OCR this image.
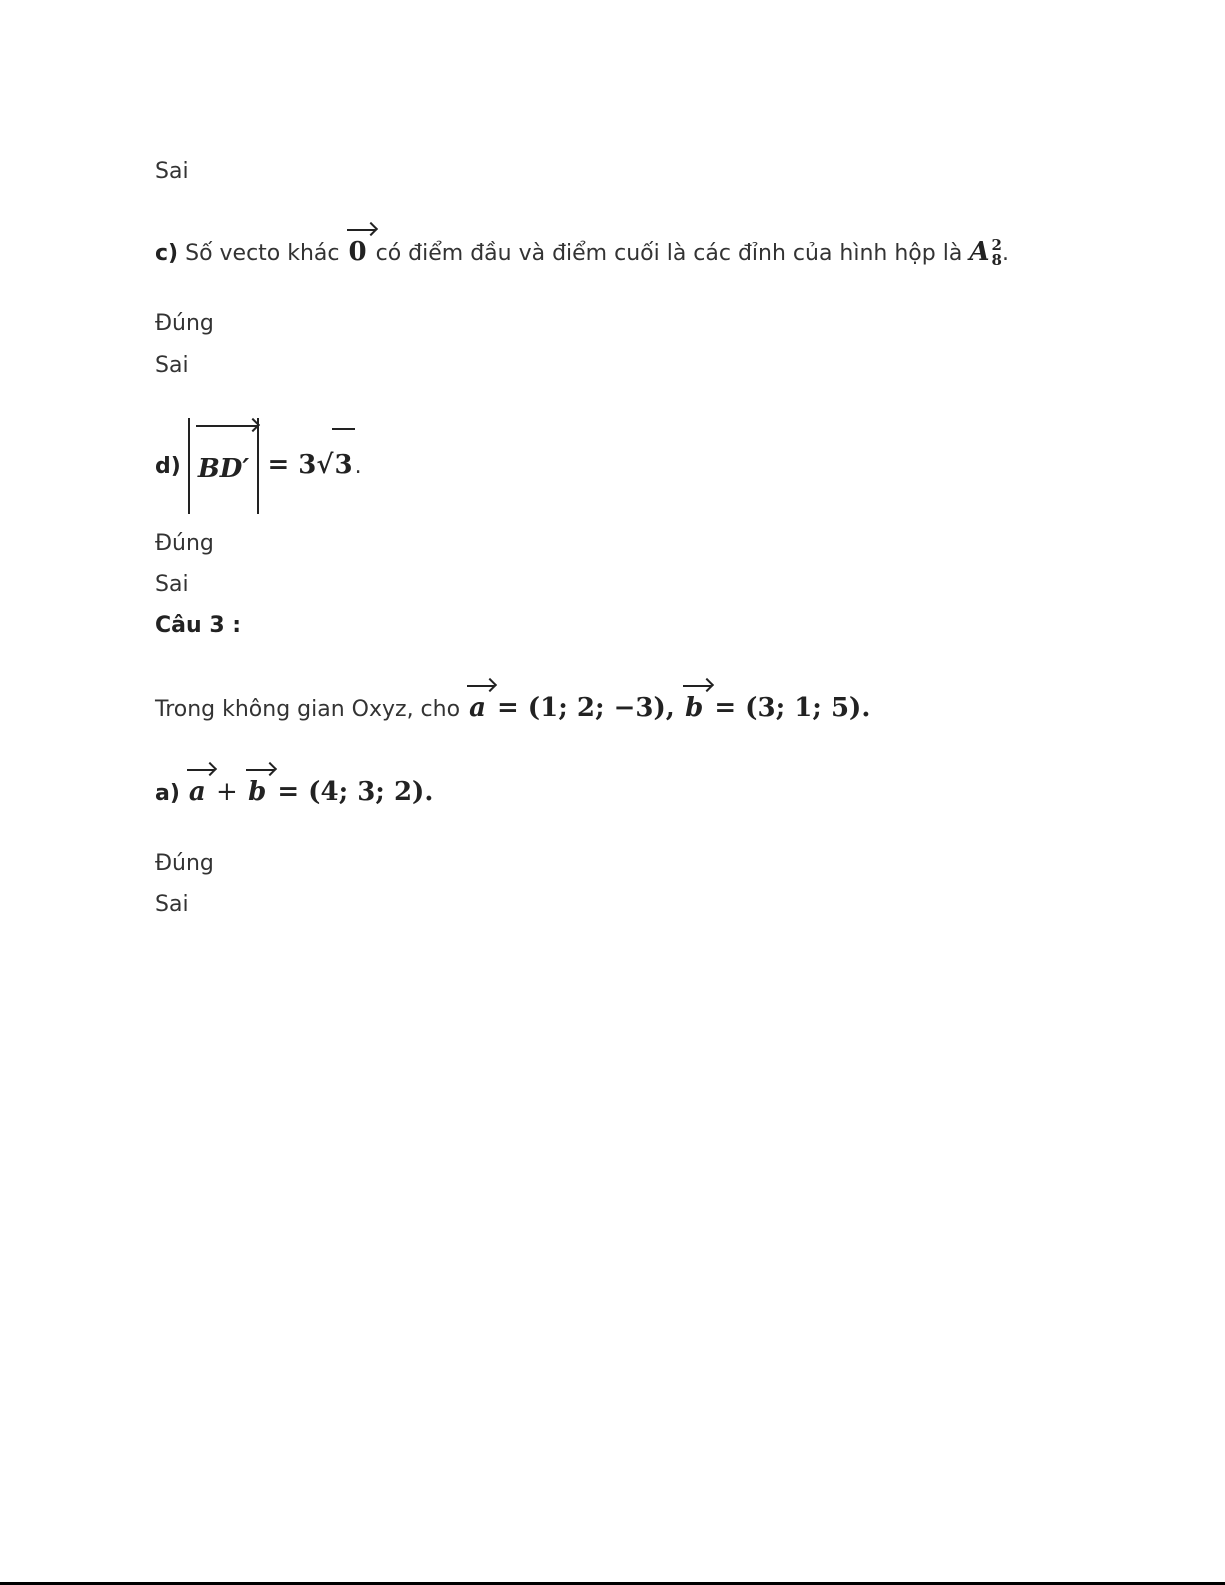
Sai
c) Số vecto khác 0 có điểm đầu và điểm cuối là các đỉnh của hình hộp là A 2
8 .
Đúng
Sai
d) BD′ = 3√3.
Đúng
Sai
Câu 3 :
Trong không gian Oxyz, cho a = (1; 2; −3), b = (3; 1; 5).
a) a + b = (4; 3; 2).
Đúng
Sai
